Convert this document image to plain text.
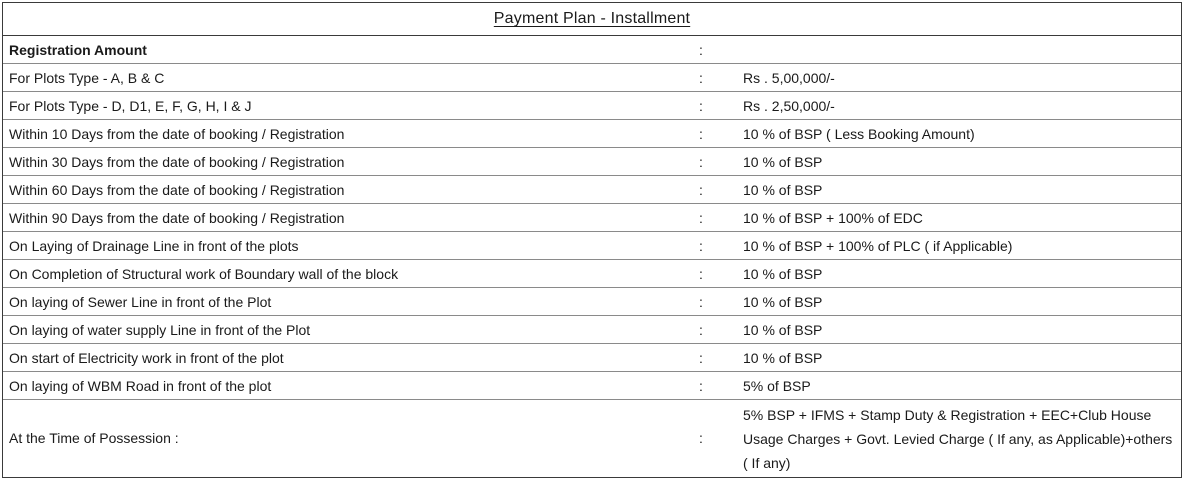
Payment Plan - Installment
Registration Amount	:	
For Plots Type - A, B & C	:	Rs . 5,00,000/-
For Plots Type - D, D1, E, F, G, H, I & J	:	Rs . 2,50,000/-
Within 10 Days from the date of booking / Registration	:	10 % of BSP ( Less Booking Amount)
Within 30 Days from the date of booking / Registration	:	10 % of BSP
Within 60 Days from the date of booking / Registration	:	10 % of BSP
Within 90 Days from the date of booking / Registration	:	10 % of BSP + 100% of EDC
On Laying of Drainage Line in front of the plots	:	10 % of BSP + 100% of PLC ( if Applicable)
On Completion of Structural work of Boundary wall of the block	:	10 % of BSP
On laying of Sewer Line in front of the Plot	:	10 % of BSP
On laying of water supply Line in front of the Plot	:	10 % of BSP
On start of Electricity work in front of the plot	:	10 % of BSP
On laying of WBM Road in front of the plot	:	5% of BSP
At the Time of Possession :	:	5% BSP + IFMS + Stamp Duty & Registration + EEC+Club House Usage Charges + Govt. Levied Charge ( If any, as Applicable)+others ( If any)
